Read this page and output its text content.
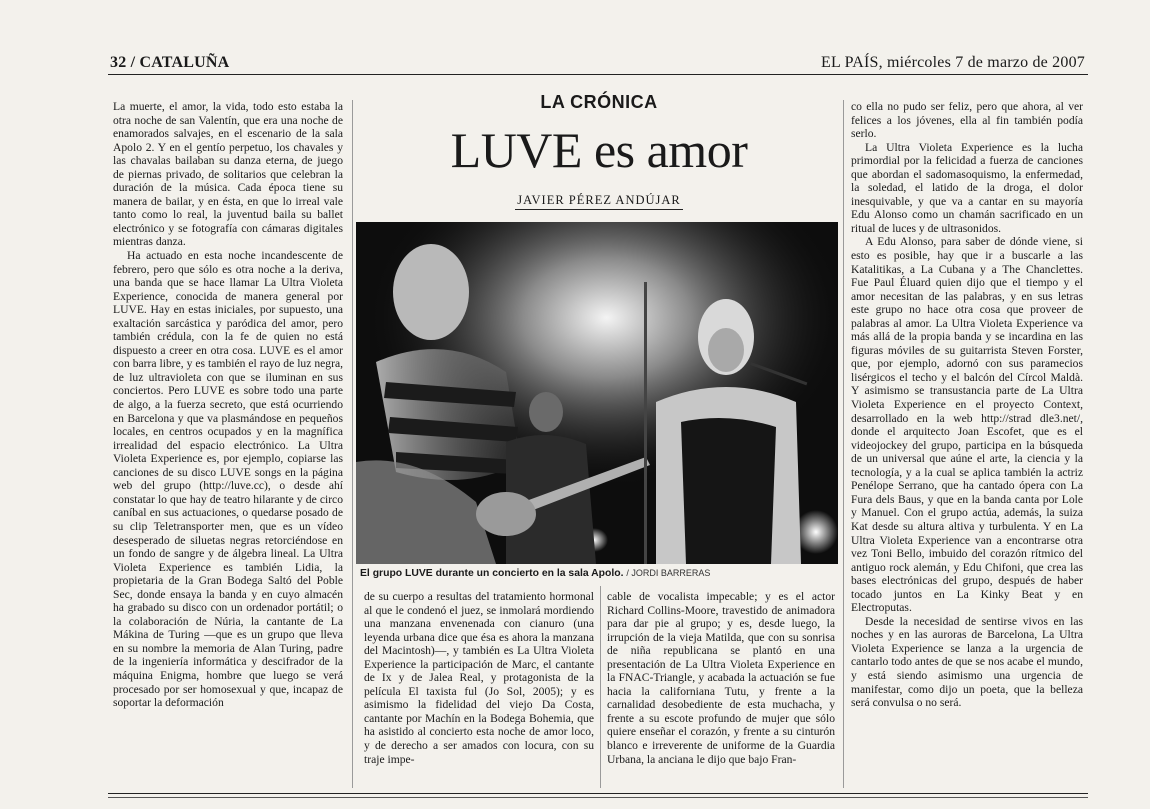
32 / CATALUÑA	EL PAÍS, miércoles 7 de marzo de 2007
LA CRÓNICA
LUVE es amor
JAVIER PÉREZ ANDÚJAR
El grupo LUVE durante un concierto en la sala Apolo. / JORDI BARRERAS

La muerte, el amor, la vida, todo esto estaba la otra noche de san Valentín, que era una noche de enamorados salvajes, en el escenario de la sala Apolo 2. Y en el gentío perpetuo, los chavales y las chavalas bailaban su danza eterna, de juego de piernas privado, de solitarios que celebran la duración de la música. Cada época tiene su manera de bailar, y en ésta, en que lo irreal vale tanto como lo real, la juventud baila su ballet electrónico y se fotografía con cámaras digitales mientras danza.

Ha actuado en esta noche incandescente de febrero, pero que sólo es otra noche a la deriva, una banda que se hace llamar La Ultra Violeta Experience, conocida de manera general por LUVE. Hay en estas iniciales, por supuesto, una exaltación sarcástica y paródica del amor, pero también crédula, con la fe de quien no está dispuesto a creer en otra cosa. LUVE es el amor con barra libre, y es también el rayo de luz negra, de luz ultravioleta con que se iluminan en sus conciertos. Pero LUVE es sobre todo una parte de algo, a la fuerza secreto, que está ocurriendo en Barcelona y que va plasmándose en pequeños locales, en centros ocupados y en la magnífica irrealidad del espacio electrónico. La Ultra Violeta Experience es, por ejemplo, copiarse las canciones de su disco LUVE songs en la página web del grupo (http://luve.cc), o desde ahí constatar lo que hay de teatro hilarante y de circo caníbal en sus actuaciones, o quedarse posado de su clip Teletransporter men, que es un vídeo desesperado de siluetas negras retorciéndose en un fondo de sangre y de álgebra lineal. La Ultra Violeta Experience es también Lidia, la propietaria de la Gran Bodega Saltó del Poble Sec, donde ensaya la banda y en cuyo almacén ha grabado su disco con un ordenador portátil; o la colaboración de Núria, la cantante de La Mákina de Turing —que es un grupo que lleva en su nombre la memoria de Alan Turing, padre de la ingeniería informática y descifrador de la máquina Enigma, hombre que luego se verá procesado por ser homosexual y que, incapaz de soportar la deformación

de su cuerpo a resultas del tratamiento hormonal al que le condenó el juez, se inmolará mordiendo una manzana envenenada con cianuro (una leyenda urbana dice que ésa es ahora la manzana del Macintosh)—, y también es La Ultra Violeta Experience la participación de Marc, el cantante de Ix y de Jalea Real, y protagonista de la película El taxista ful (Jo Sol, 2005); y es asimismo la fidelidad del viejo Da Costa, cantante por Machín en la Bodega Bohemia, que ha asistido al concierto esta noche de amor loco, y de derecho a ser amados con locura, con su traje impe-

cable de vocalista impecable; y es el actor Richard Collins-Moore, travestido de animadora para dar pie al grupo; y es, desde luego, la irrupción de la vieja Matilda, que con su sonrisa de niña republicana se plantó en una presentación de La Ultra Violeta Experience en la FNAC-Triangle, y acabada la actuación se fue hacia la californiana Tutu, y frente a la carnalidad desobediente de esta muchacha, y frente a su escote profundo de mujer que sólo quiere enseñar el corazón, y frente a su cinturón blanco e irreverente de uniforme de la Guardia Urbana, la anciana le dijo que bajo Fran-

co ella no pudo ser feliz, pero que ahora, al ver felices a los jóvenes, ella al fin también podía serlo.

La Ultra Violeta Experience es la lucha primordial por la felicidad a fuerza de canciones que abordan el sadomasoquismo, la enfermedad, la soledad, el latido de la droga, el dolor inesquivable, y que va a cantar en su mayoría Edu Alonso como un chamán sacrificado en un ritual de luces y de ultrasonidos.

A Edu Alonso, para saber de dónde viene, si esto es posible, hay que ir a buscarle a las Katalitikas, a La Cubana y a The Chanclettes. Fue Paul Éluard quien dijo que el tiempo y el amor necesitan de las palabras, y en sus letras este grupo no hace otra cosa que proveer de palabras al amor. La Ultra Violeta Experience va más allá de la propia banda y se incardina en las figuras móviles de su guitarrista Steven Forster, que, por ejemplo, adornó con sus paramecios lisérgicos el techo y el balcón del Círcol Maldà. Y asimismo se transustancia parte de La Ultra Violeta Experience en el proyecto Context, desarrollado en la web http://strad dle3.net/, donde el arquitecto Joan Escofet, que es el videojockey del grupo, participa en la búsqueda de un universal que aúne el arte, la ciencia y la tecnología, y a la cual se aplica también la actriz Penélope Serrano, que ha cantado ópera con La Fura dels Baus, y que en la banda canta por Lole y Manuel. Con el grupo actúa, además, la suiza Kat desde su altura altiva y turbulenta. Y en La Ultra Violeta Experience van a encontrarse otra vez Toni Bello, imbuido del corazón rítmico del antiguo rock alemán, y Edu Chifoni, que crea las bases electrónicas del grupo, después de haber tocado juntos en La Kinky Beat y en Electroputas.

Desde la necesidad de sentirse vivos en las noches y en las auroras de Barcelona, La Ultra Violeta Experience se lanza a la urgencia de cantarlo todo antes de que se nos acabe el mundo, y está siendo asimismo una urgencia de manifestar, como dijo un poeta, que la belleza será convulsa o no será.
